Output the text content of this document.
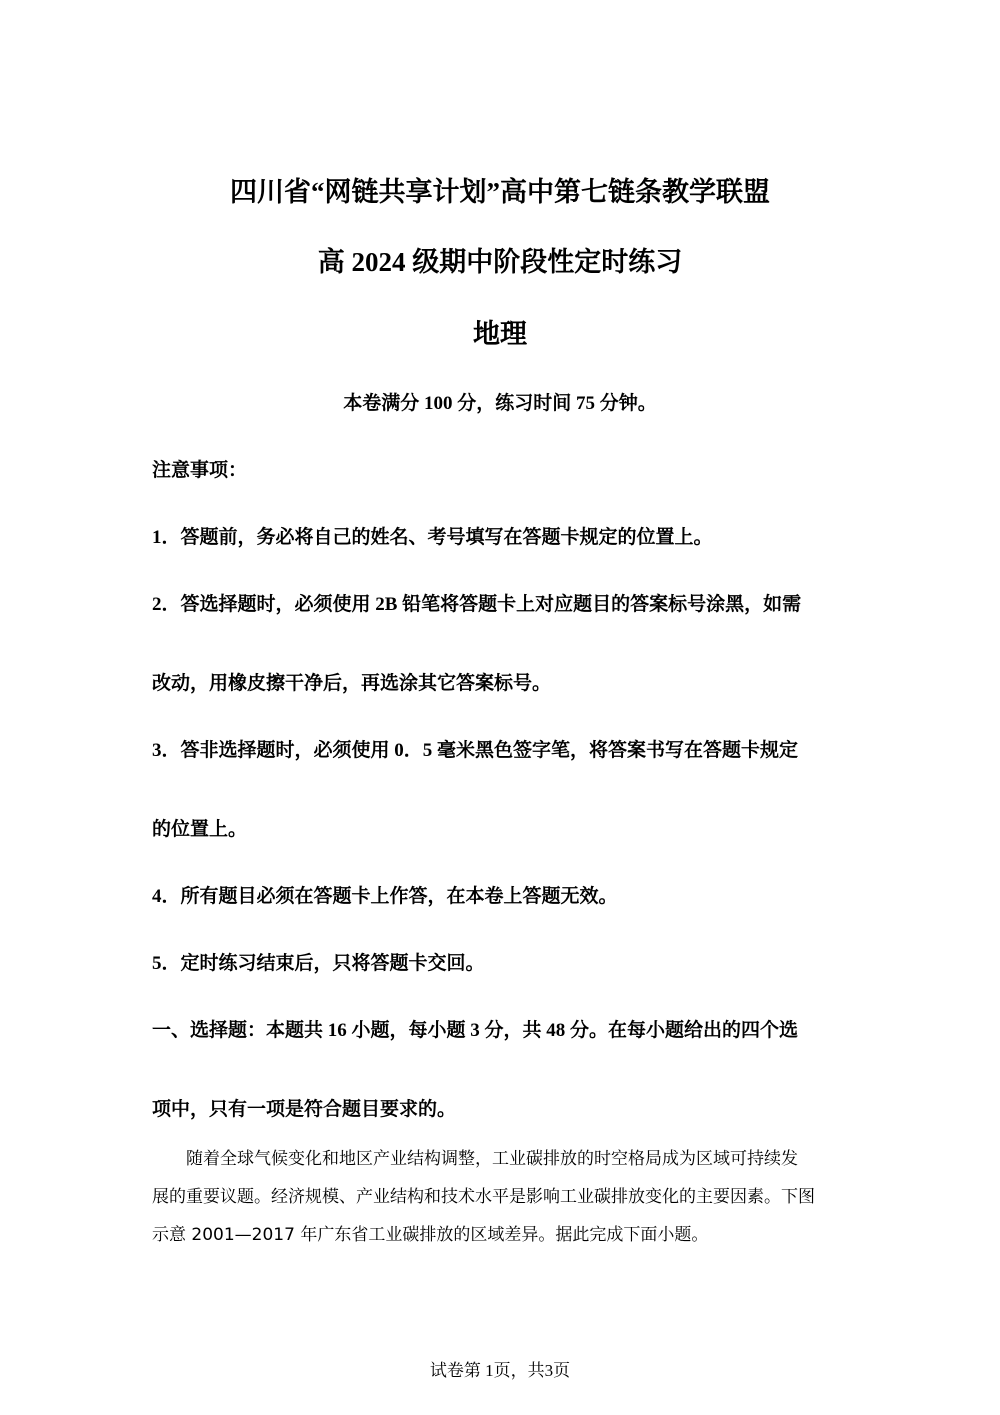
四川省“网链共享计划”高中第七链条教学联盟
高 2024 级期中阶段性定时练习
地理
本卷满分 100 分，练习时间 75 分钟。
注意事项：
1．答题前，务必将自己的姓名、考号填写在答题卡规定的位置上。
2．答选择题时，必须使用 2B 铅笔将答题卡上对应题目的答案标号涂黑，如需
改动，用橡皮擦干净后，再选涂其它答案标号。
3．答非选择题时，必须使用 0．5 毫米黑色签字笔，将答案书写在答题卡规定
的位置上。
4．所有题目必须在答题卡上作答，在本卷上答题无效。
5．定时练习结束后，只将答题卡交回。
一、选择题：本题共 16 小题，每小题 3 分，共 48 分。在每小题给出的四个选
项中，只有一项是符合题目要求的。
　　随着全球气候变化和地区产业结构调整，工业碳排放的时空格局成为区域可持续发
展的重要议题。经济规模、产业结构和技术水平是影响工业碳排放变化的主要因素。下图
示意 2001—2017 年广东省工业碳排放的区域差异。据此完成下面小题。
试卷第 1页，共3页
